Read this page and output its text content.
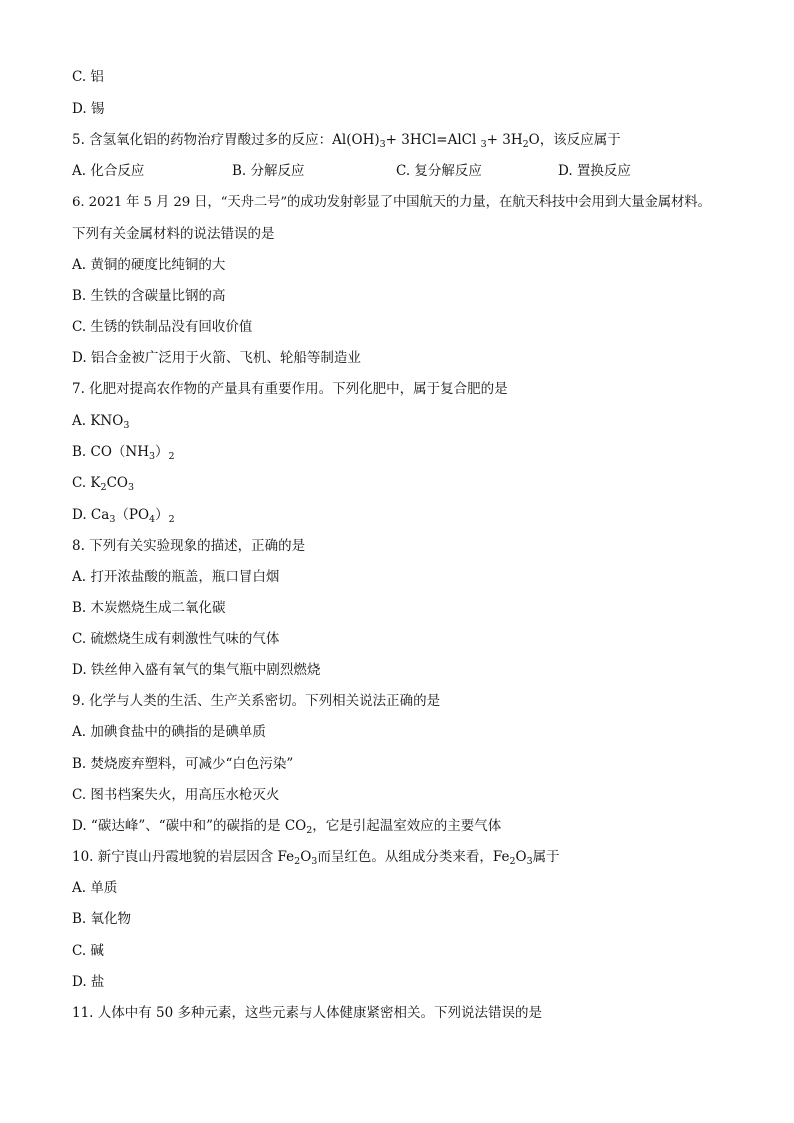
C. 铝
D. 锡
5. 含氢氧化铝的药物治疗胃酸过多的反应：$Al(OH)_3+$ 3HCl=AlCl $_3+ 3H_2O$，该反应属于
A. 化合反应	B. 分解反应	C. 复分解反应	D. 置换反应
6. 2021 年 5 月 29 日，“天舟二号”的成功发射彰显了中国航天的力量，在航天科技中会用到大量金属材料。
下列有关金属材料的说法错误的是
A. 黄铜的硬度比纯铜的大
B. 生铁的含碳量比钢的高
C. 生锈的铁制品没有回收价值
D. 铝合金被广泛用于火箭、飞机、轮船等制造业
7. 化肥对提高农作物的产量具有重要作用。下列化肥中，属于复合肥的是
A. $KNO_3$
B. $CO(NH_3)_2$
C. $K_2CO_3$
D. $Ca_3(PO_4)_2$
8. 下列有关实验现象的描述，正确的是
A. 打开浓盐酸的瓶盖，瓶口冒白烟
B. 木炭燃烧生成二氧化碳
C. 硫燃烧生成有刺激性气味的气体
D. 铁丝伸入盛有氧气的集气瓶中剧烈燃烧
9. 化学与人类的生活、生产关系密切。下列相关说法正确的是
A. 加碘食盐中的碘指的是碘单质
B. 焚烧废弃塑料，可减少“白色污染”
C. 图书档案失火，用高压水枪灭火
D. “碳达峰”、“碳中和”的碳指的是 $CO_2$，它是引起温室效应的主要气体
10. 新宁崀山丹霞地貌的岩层因含 $Fe_2O_3$而呈红色。从组成分类来看，$Fe_2O_3$属于
A. 单质
B. 氧化物
C. 碱
D. 盐
11. 人体中有 50 多种元素，这些元素与人体健康紧密相关。下列说法错误的是
